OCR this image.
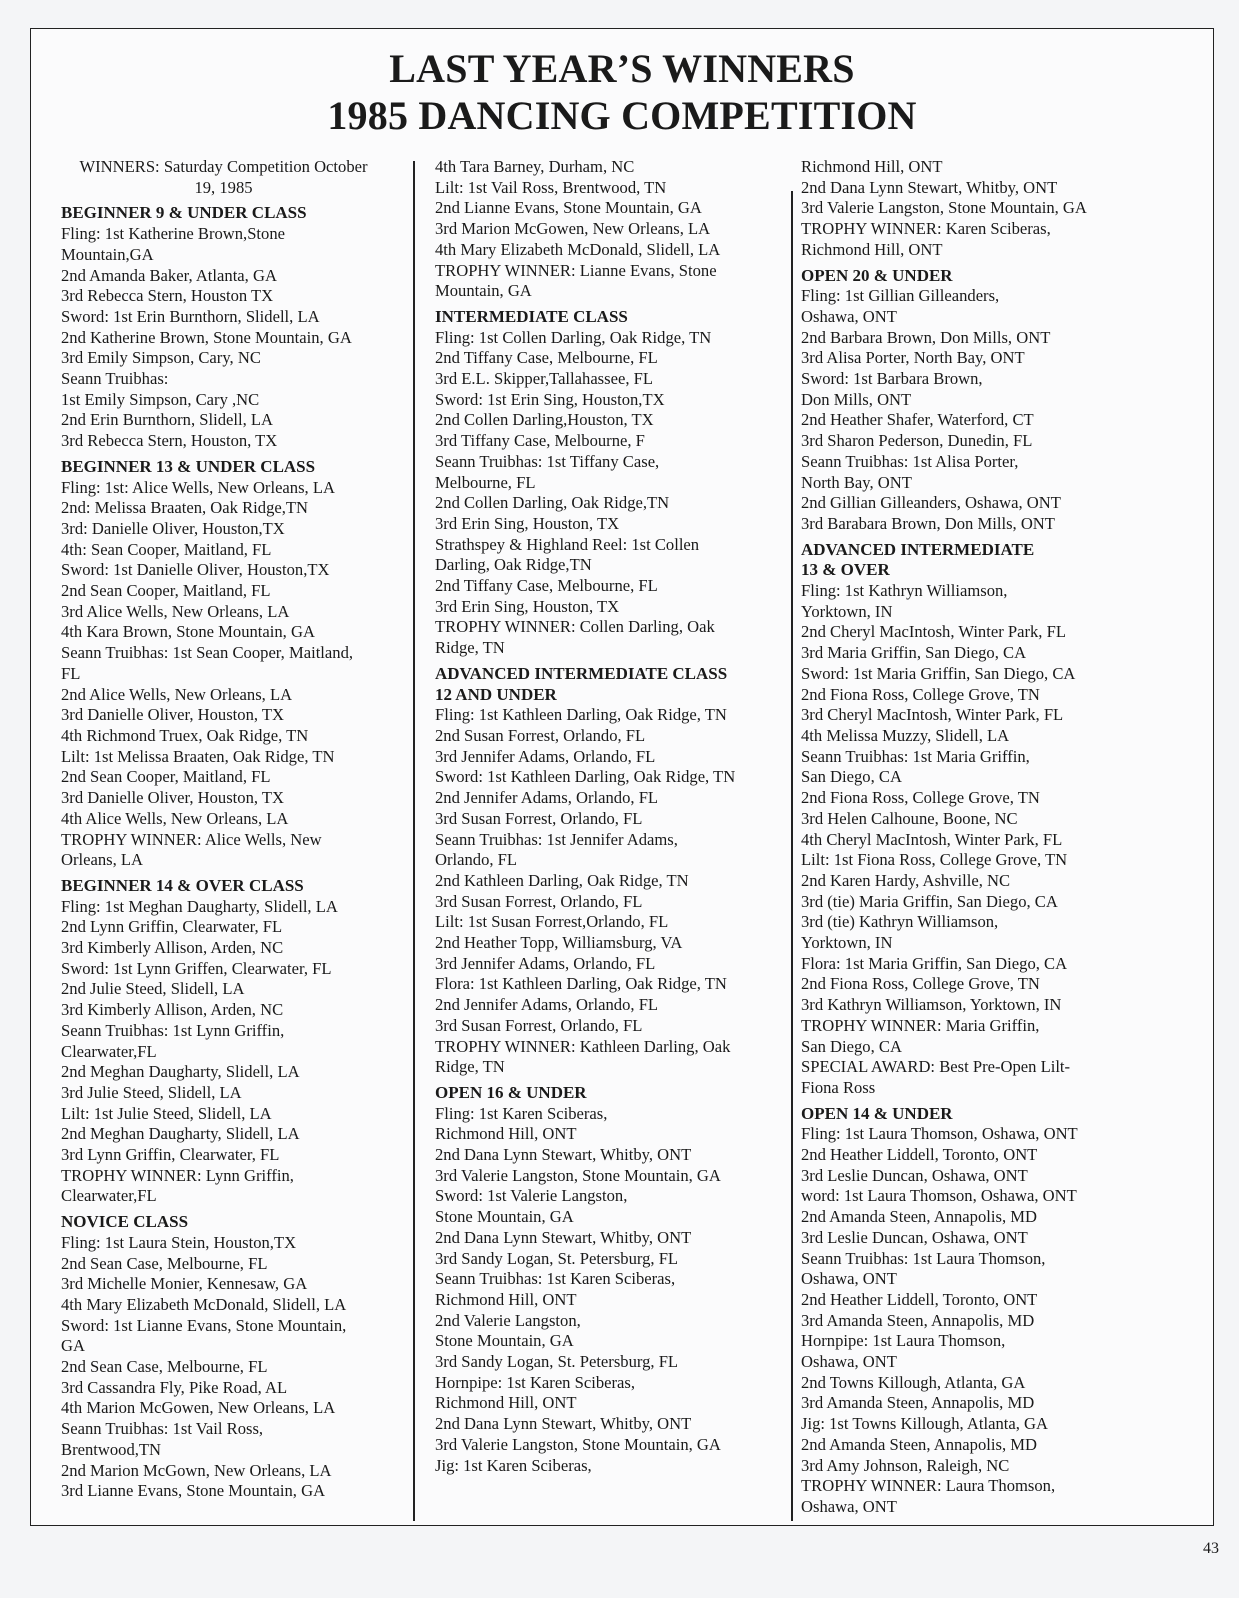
LAST YEAR’S WINNERS
1985 DANCING COMPETITION
WINNERS: Saturday Competition October
19, 1985
BEGINNER 9 & UNDER CLASS
Fling: 1st Katherine Brown,Stone
Mountain,GA
2nd Amanda Baker, Atlanta, GA
3rd Rebecca Stern, Houston TX
Sword: 1st Erin Burnthorn, Slidell, LA
2nd Katherine Brown, Stone Mountain, GA
3rd Emily Simpson, Cary, NC
Seann Truibhas:
1st Emily Simpson, Cary ,NC
2nd Erin Burnthorn, Slidell, LA
3rd Rebecca Stern, Houston, TX
BEGINNER 13 & UNDER CLASS
Fling: 1st: Alice Wells, New Orleans, LA
2nd: Melissa Braaten, Oak Ridge,TN
3rd: Danielle Oliver, Houston,TX
4th: Sean Cooper, Maitland, FL
Sword: 1st Danielle Oliver, Houston,TX
2nd Sean Cooper, Maitland, FL
3rd Alice Wells, New Orleans, LA
4th Kara Brown, Stone Mountain, GA
Seann Truibhas: 1st Sean Cooper, Maitland,
FL
2nd Alice Wells, New Orleans, LA
3rd Danielle Oliver, Houston, TX
4th Richmond Truex, Oak Ridge, TN
Lilt: 1st Melissa Braaten, Oak Ridge, TN
2nd Sean Cooper, Maitland, FL
3rd Danielle Oliver, Houston, TX
4th Alice Wells, New Orleans, LA
TROPHY WINNER: Alice Wells, New
Orleans, LA
BEGINNER 14 & OVER CLASS
Fling: 1st Meghan Daugharty, Slidell, LA
2nd Lynn Griffin, Clearwater, FL
3rd Kimberly Allison, Arden, NC
Sword: 1st Lynn Griffen, Clearwater, FL
2nd Julie Steed, Slidell, LA
3rd Kimberly Allison, Arden, NC
Seann Truibhas: 1st Lynn Griffin,
Clearwater,FL
2nd Meghan Daugharty, Slidell, LA
3rd Julie Steed, Slidell, LA
Lilt: 1st Julie Steed, Slidell, LA
2nd Meghan Daugharty, Slidell, LA
3rd Lynn Griffin, Clearwater, FL
TROPHY WINNER: Lynn Griffin,
Clearwater,FL
NOVICE CLASS
Fling: 1st Laura Stein, Houston,TX
2nd Sean Case, Melbourne, FL
3rd Michelle Monier, Kennesaw, GA
4th Mary Elizabeth McDonald, Slidell, LA
Sword: 1st Lianne Evans, Stone Mountain,
GA
2nd Sean Case, Melbourne, FL
3rd Cassandra Fly, Pike Road, AL
4th Marion McGowen, New Orleans, LA
Seann Truibhas: 1st Vail Ross,
Brentwood,TN
2nd Marion McGown, New Orleans, LA
3rd Lianne Evans, Stone Mountain, GA
4th Tara Barney, Durham, NC
Lilt: 1st Vail Ross, Brentwood, TN
2nd Lianne Evans, Stone Mountain, GA
3rd Marion McGowen, New Orleans, LA
4th Mary Elizabeth McDonald, Slidell, LA
TROPHY WINNER: Lianne Evans, Stone
Mountain, GA
INTERMEDIATE CLASS
Fling: 1st Collen Darling, Oak Ridge, TN
2nd Tiffany Case, Melbourne, FL
3rd E.L. Skipper,Tallahassee, FL
Sword: 1st Erin Sing, Houston,TX
2nd Collen Darling,Houston, TX
3rd Tiffany Case, Melbourne, F
Seann Truibhas: 1st Tiffany Case,
Melbourne, FL
2nd Collen Darling, Oak Ridge,TN
3rd Erin Sing, Houston, TX
Strathspey & Highland Reel: 1st Collen
Darling, Oak Ridge,TN
2nd Tiffany Case, Melbourne, FL
3rd Erin Sing, Houston, TX
TROPHY WINNER: Collen Darling, Oak
Ridge, TN
ADVANCED INTERMEDIATE CLASS
12 AND UNDER
Fling: 1st Kathleen Darling, Oak Ridge, TN
2nd Susan Forrest, Orlando, FL
3rd Jennifer Adams, Orlando, FL
Sword: 1st Kathleen Darling, Oak Ridge, TN
2nd Jennifer Adams, Orlando, FL
3rd Susan Forrest, Orlando, FL
Seann Truibhas: 1st Jennifer Adams,
Orlando, FL
2nd Kathleen Darling, Oak Ridge, TN
3rd Susan Forrest, Orlando, FL
Lilt: 1st Susan Forrest,Orlando, FL
2nd Heather Topp, Williamsburg, VA
3rd Jennifer Adams, Orlando, FL
Flora: 1st Kathleen Darling, Oak Ridge, TN
2nd Jennifer Adams, Orlando, FL
3rd Susan Forrest, Orlando, FL
TROPHY WINNER: Kathleen Darling, Oak
Ridge, TN
OPEN 16 & UNDER
Fling: 1st Karen Sciberas,
Richmond Hill, ONT
2nd Dana Lynn Stewart, Whitby, ONT
3rd Valerie Langston, Stone Mountain, GA
Sword: 1st Valerie Langston,
Stone Mountain, GA
2nd Dana Lynn Stewart, Whitby, ONT
3rd Sandy Logan, St. Petersburg, FL
Seann Truibhas: 1st Karen Sciberas,
Richmond Hill, ONT
2nd Valerie Langston,
Stone Mountain, GA
3rd Sandy Logan, St. Petersburg, FL
Hornpipe: 1st Karen Sciberas,
Richmond Hill, ONT
2nd Dana Lynn Stewart, Whitby, ONT
3rd Valerie Langston, Stone Mountain, GA
Jig: 1st Karen Sciberas,
Richmond Hill, ONT
2nd Dana Lynn Stewart, Whitby, ONT
3rd Valerie Langston, Stone Mountain, GA
TROPHY WINNER: Karen Sciberas,
Richmond Hill, ONT
OPEN 20 & UNDER
Fling: 1st Gillian Gilleanders,
Oshawa, ONT
2nd Barbara Brown, Don Mills, ONT
3rd Alisa Porter, North Bay, ONT
Sword: 1st Barbara Brown,
Don Mills, ONT
2nd Heather Shafer, Waterford, CT
3rd Sharon Pederson, Dunedin, FL
Seann Truibhas: 1st Alisa Porter,
North Bay, ONT
2nd Gillian Gilleanders, Oshawa, ONT
3rd Barabara Brown, Don Mills, ONT
ADVANCED INTERMEDIATE
13 & OVER
Fling: 1st Kathryn Williamson,
Yorktown, IN
2nd Cheryl MacIntosh, Winter Park, FL
3rd Maria Griffin, San Diego, CA
Sword: 1st Maria Griffin, San Diego, CA
2nd Fiona Ross, College Grove, TN
3rd Cheryl MacIntosh, Winter Park, FL
4th Melissa Muzzy, Slidell, LA
Seann Truibhas: 1st Maria Griffin,
San Diego, CA
2nd Fiona Ross, College Grove, TN
3rd Helen Calhoune, Boone, NC
4th Cheryl MacIntosh, Winter Park, FL
Lilt: 1st Fiona Ross, College Grove, TN
2nd Karen Hardy, Ashville, NC
3rd (tie) Maria Griffin, San Diego, CA
3rd (tie) Kathryn Williamson,
Yorktown, IN
Flora: 1st Maria Griffin, San Diego, CA
2nd Fiona Ross, College Grove, TN
3rd Kathryn Williamson, Yorktown, IN
TROPHY WINNER: Maria Griffin,
San Diego, CA
SPECIAL AWARD: Best Pre-Open Lilt-
Fiona Ross
OPEN 14 & UNDER
Fling: 1st Laura Thomson, Oshawa, ONT
2nd Heather Liddell, Toronto, ONT
3rd Leslie Duncan, Oshawa, ONT
word: 1st Laura Thomson, Oshawa, ONT
2nd Amanda Steen, Annapolis, MD
3rd Leslie Duncan, Oshawa, ONT
Seann Truibhas: 1st Laura Thomson,
Oshawa, ONT
2nd Heather Liddell, Toronto, ONT
3rd Amanda Steen, Annapolis, MD
Hornpipe: 1st Laura Thomson,
Oshawa, ONT
2nd Towns Killough, Atlanta, GA
3rd Amanda Steen, Annapolis, MD
Jig: 1st Towns Killough, Atlanta, GA
2nd Amanda Steen, Annapolis, MD
3rd Amy Johnson, Raleigh, NC
TROPHY WINNER: Laura Thomson,
Oshawa, ONT
43
